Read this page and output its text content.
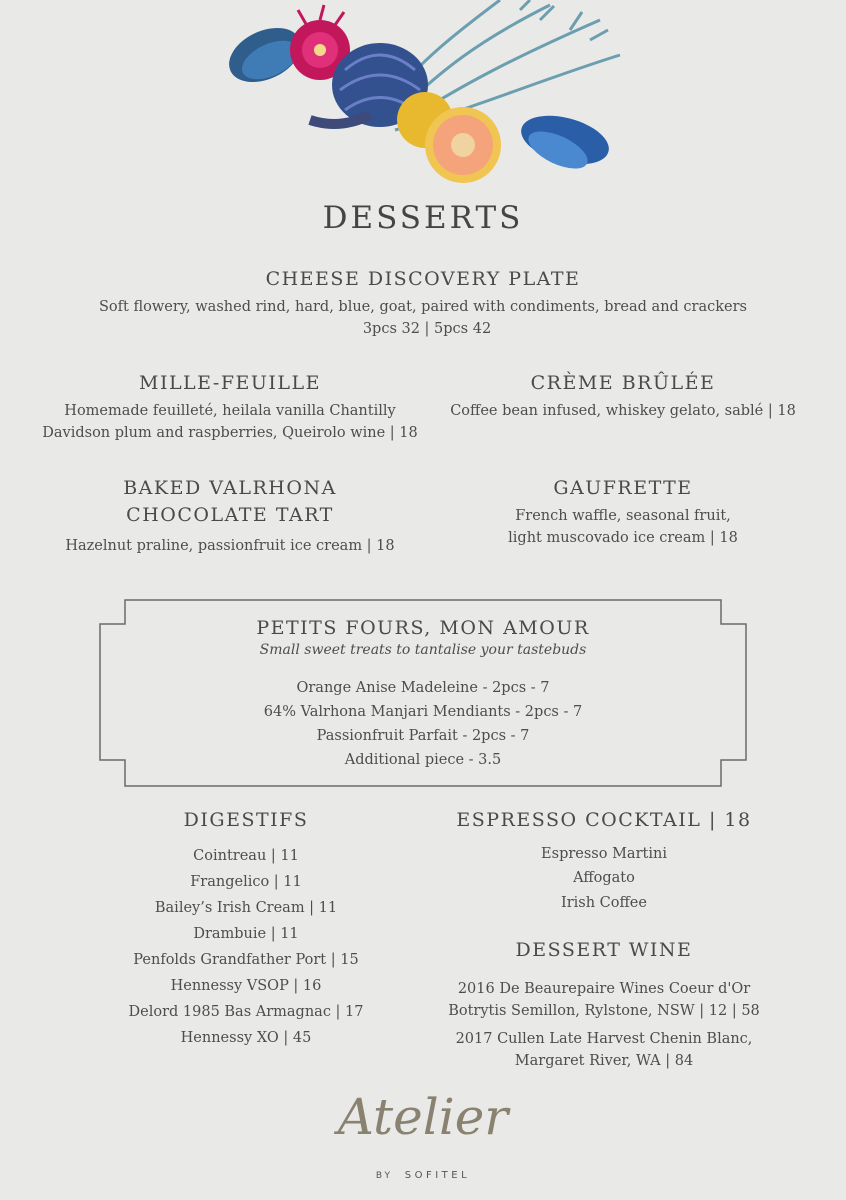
DESSERTS
CHEESE DISCOVERY PLATE
Soft flowery, washed rind, hard, blue, goat, paired with condiments, bread and crackers
3pcs 32 | 5pcs 42
MILLE-FEUILLE
Homemade feuilleté, heilala vanilla Chantilly
Davidson plum and raspberries, Queirolo wine | 18
CRÈME BRÛLÉE
Coffee bean infused, whiskey gelato, sablé | 18
BAKED VALRHONA
CHOCOLATE TART
Hazelnut praline, passionfruit ice cream | 18
GAUFRETTE
French waffle, seasonal fruit,
light muscovado ice cream | 18
PETITS FOURS, MON AMOUR
Small sweet treats to tantalise your tastebuds
Orange Anise Madeleine - 2pcs - 7
64% Valrhona Manjari Mendiants - 2pcs - 7
Passionfruit Parfait - 2pcs - 7
Additional piece - 3.5
DIGESTIFS
Cointreau | 11
Frangelico | 11
Bailey’s Irish Cream | 11
Drambuie | 11
Penfolds Grandfather Port | 15
Hennessy VSOP | 16
Delord 1985 Bas Armagnac | 17
Hennessy XO | 45
ESPRESSO COCKTAIL | 18
Espresso Martini
Affogato
Irish Coffee
DESSERT WINE
2016 De Beaurepaire Wines Coeur d'Or
Botrytis Semillon, Rylstone, NSW | 12 | 58
2017 Cullen Late Harvest Chenin Blanc,
Margaret River, WA | 84
Atelier
BY SOFITEL
